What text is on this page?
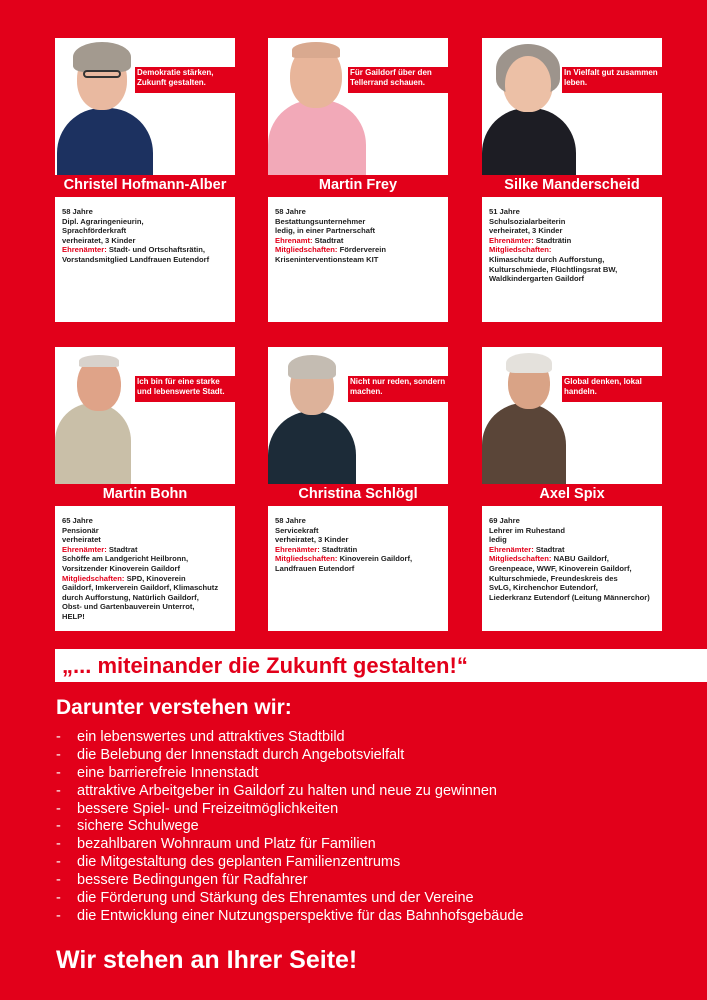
Demokratie stärken, Zukunft gestalten.
Christel Hofmann-Alber
58 Jahre
Dipl. Agraringenieurin,
Sprachförderkraft
verheiratet, 3 Kinder
Ehrenämter: Stadt- und Ortschaftsrätin,
Vorstandsmitglied Landfrauen Eutendorf
Für Gaildorf über den Tellerrand schauen.
Martin Frey
58 Jahre
Bestattungsunternehmer
ledig, in einer Partnerschaft
Ehrenamt: Stadtrat
Mitgliedschaften: Förderverein
Kriseninterventionsteam KIT
In Vielfalt gut zusammen leben.
Silke Manderscheid
51 Jahre
Schulsozialarbeiterin
verheiratet, 3 Kinder
Ehrenämter: Stadträtin
Mitgliedschaften:
Klimaschutz durch Aufforstung,
Kulturschmiede, Flüchtlingsrat BW,
Waldkindergarten Gaildorf
Ich bin für eine starke und lebenswerte Stadt.
Martin Bohn
65 Jahre
Pensionär
verheiratet
Ehrenämter: Stadtrat
Schöffe am Landgericht Heilbronn,
Vorsitzender Kinoverein Gaildorf
Mitgliedschaften: SPD, Kinoverein
Gaildorf, Imkerverein Gaildorf, Klimaschutz
durch Aufforstung, Natürlich Gaildorf,
Obst- und Gartenbauverein Unterrot,
HELP!
Nicht nur reden, sondern machen.
Christina Schlögl
58 Jahre
Servicekraft
verheiratet, 3 Kinder
Ehrenämter: Stadträtin
Mitgliedschaften: Kinoverein Gaildorf,
Landfrauen Eutendorf
Global denken, lokal handeln.
Axel Spix
69 Jahre
Lehrer im Ruhestand
ledig
Ehrenämter: Stadtrat
Mitgliedschaften: NABU Gaildorf,
Greenpeace, WWF, Kinoverein Gaildorf,
Kulturschmiede, Freundeskreis des
SvLG, Kirchenchor Eutendorf,
Liederkranz Eutendorf (Leitung Männerchor)
„... miteinander die Zukunft gestalten!“
Darunter verstehen wir:
- ein lebenswertes und attraktives Stadtbild
- die Belebung der Innenstadt durch Angebotsvielfalt
- eine barrierefreie Innenstadt
- attraktive Arbeitgeber in Gaildorf zu halten und neue zu gewinnen
- bessere Spiel- und Freizeitmöglichkeiten
- sichere Schulwege
- bezahlbaren Wohnraum und Platz für Familien
- die Mitgestaltung des geplanten Familienzentrums
- bessere Bedingungen für Radfahrer
- die Förderung und Stärkung des Ehrenamtes und der Vereine
- die Entwicklung einer Nutzungsperspektive für das Bahnhofsgebäude
Wir stehen an Ihrer Seite!
